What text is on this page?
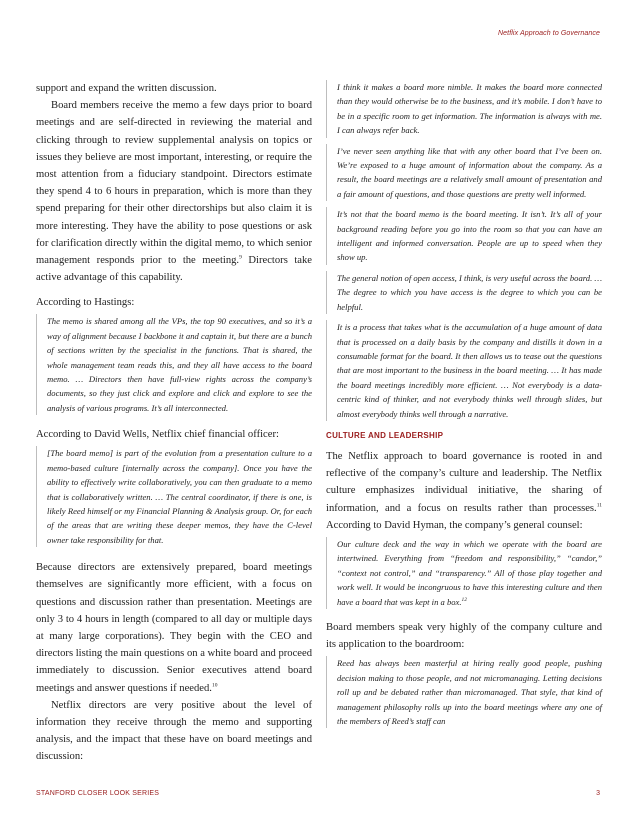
Netflix Approach to Governance

support and expand the written discussion.

Board members receive the memo a few days prior to board meetings and are self-directed in reviewing the material and clicking through to review supplemental analysis on topics or issues they believe are most important, interesting, or require the most attention from a fiduciary standpoint. Directors estimate they spend 4 to 6 hours in preparation, which is more than they spend preparing for their other directorships but also claim it is more interesting. They have the ability to pose questions or ask for clarification directly within the digital memo, to which senior management responds prior to the meeting.$^9$ Directors take active advantage of this capability.

According to Hastings:

The memo is shared among all the VPs, the top 90 executives, and so it’s a way of alignment because I backbone it and captain it, but there are a bunch of sections written by the specialist in the functions. That is shared, the whole management team reads this, and they all have access to the board memo. … Directors then have full-view rights across the company’s documents, so they just click and explore and click and explore to see the analysis of various programs. It’s all interconnected.

According to David Wells, Netflix chief financial officer:

[The board memo] is part of the evolution from a presentation culture to a memo-based culture [internally across the company]. Once you have the ability to effectively write collaboratively, you can then graduate to a memo that is collaboratively written. … The central coordinator, if there is one, is likely Reed himself or my Financial Planning & Analysis group. Or, for each of the areas that are writing these deeper memos, they have the C-level owner take responsibility for that.

Because directors are extensively prepared, board meetings themselves are significantly more efficient, with a focus on questions and discussion rather than presentation. Meetings are only 3 to 4 hours in length (compared to all day or multiple days at many large corporations). They begin with the CEO and directors listing the main questions on a white board and proceed immediately to discussion. Senior executives attend board meetings and answer questions if needed.$^{10}$

Netflix directors are very positive about the level of information they receive through the memo and supporting analysis, and the impact that these have on board meetings and discussion:

I think it makes a board more nimble. It makes the board more connected than they would otherwise be to the business, and it’s mobile. I don’t have to be in a specific room to get information. The information is always with me. I can always refer back.

I’ve never seen anything like that with any other board that I’ve been on. We’re exposed to a huge amount of information about the company. As a result, the board meetings are a relatively small amount of presentation and a fair amount of questions, and those questions are pretty well informed.

It’s not that the board memo is the board meeting. It isn’t. It’s all of your background reading before you go into the room so that you can have an intelligent and informed conversation. People are up to speed when they show up.

The general notion of open access, I think, is very useful across the board. … The degree to which you have access is the degree to which you can be helpful.

It is a process that takes what is the accumulation of a huge amount of data that is processed on a daily basis by the company and distills it down in a consumable format for the board. It then allows us to tease out the questions that are most important to the business in the board meeting. … It has made the board meetings incredibly more efficient. … Not everybody is a data-centric kind of thinker, and not everybody thinks well through slides, but almost everybody thinks well through a narrative.

CULTURE AND LEADERSHIP

The Netflix approach to board governance is rooted in and reflective of the company’s culture and leadership. The Netflix culture emphasizes individual initiative, the sharing of information, and a focus on results rather than processes.$^{11}$ According to David Hyman, the company’s general counsel:

Our culture deck and the way in which we operate with the board are intertwined. Everything from “freedom and responsibility,” “candor,” “context not control,” and “transparency.” All of those play together and work well. It would be incongruous to have this interesting culture and then have a board that was kept in a box.$^{12}$

Board members speak very highly of the company culture and its application to the boardroom:

Reed has always been masterful at hiring really good people, pushing decision making to those people, and not micromanaging. Letting decisions roll up and be debated rather than micromanaged. That style, that kind of management philosophy rolls up into the board meetings where any one of the members of Reed’s staff can

STANFORD CLOSER LOOK SERIES	3
